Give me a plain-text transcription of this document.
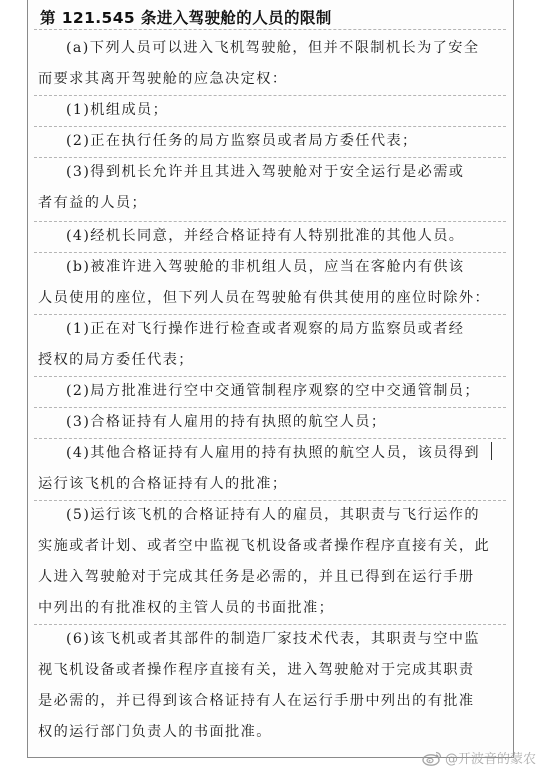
第 121.545 条进入驾驶舱的人员的限制
(a)下列人员可以进入飞机驾驶舱，但并不限制机长为了安全
而要求其离开驾驶舱的应急决定权：
(1)机组成员；
(2)正在执行任务的局方监察员或者局方委任代表；
(3)得到机长允许并且其进入驾驶舱对于安全运行是必需或
者有益的人员；
(4)经机长同意，并经合格证持有人特别批准的其他人员。
(b)被准许进入驾驶舱的非机组人员，应当在客舱内有供该
人员使用的座位，但下列人员在驾驶舱有供其使用的座位时除外：
(1)正在对飞行操作进行检查或者观察的局方监察员或者经
授权的局方委任代表；
(2)局方批准进行空中交通管制程序观察的空中交通管制员；
(3)合格证持有人雇用的持有执照的航空人员；
(4)其他合格证持有人雇用的持有执照的航空人员，该员得到
运行该飞机的合格证持有人的批准；
(5)运行该飞机的合格证持有人的雇员，其职责与飞行运作的
实施或者计划、或者空中监视飞机设备或者操作程序直接有关，此
人进入驾驶舱对于完成其任务是必需的，并且已得到在运行手册
中列出的有批准权的主管人员的书面批准；
(6)该飞机或者其部件的制造厂家技术代表，其职责与空中监
视飞机设备或者操作程序直接有关，进入驾驶舱对于完成其职责
是必需的，并已得到该合格证持有人在运行手册中列出的有批准
权的运行部门负责人的书面批准。
@开波音的蒙农
